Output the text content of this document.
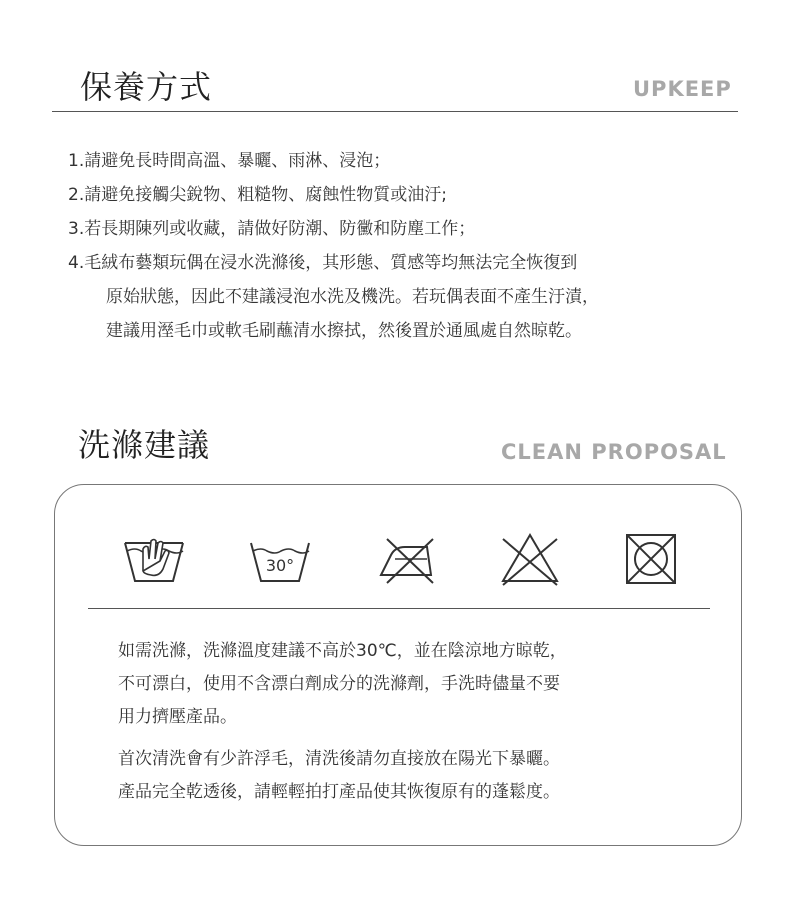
保養方式	UPKEEP
1.請避免長時間高溫、暴曬、雨淋、浸泡；
2.請避免接觸尖銳物、粗糙物、腐蝕性物質或油汙;
3.若長期陳列或收藏，請做好防潮、防黴和防塵工作；
4.毛絨布藝類玩偶在浸水洗滌後，其形態、質感等均無法完全恢復到
原始狀態，因此不建議浸泡水洗及機洗。若玩偶表面不產生汙漬，
建議用溼毛巾或軟毛刷蘸清水擦拭，然後置於通風處自然晾乾。
洗滌建議	CLEAN PROPOSAL
30°

如需洗滌，洗滌溫度建議不高於30℃，並在陰涼地方晾乾，

不可漂白，使用不含漂白劑成分的洗滌劑，手洗時儘量不要

用力擠壓產品。

首次清洗會有少許浮毛，清洗後請勿直接放在陽光下暴曬。

產品完全乾透後，請輕輕拍打產品使其恢復原有的蓬鬆度。
